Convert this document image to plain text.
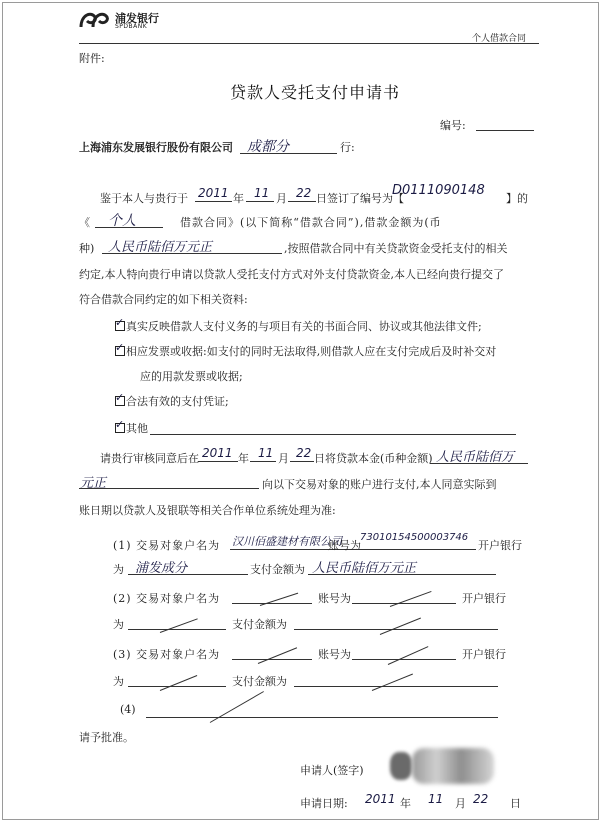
浦发银行
SPDBANK
个人借款合同
附件:
贷款人受托支付申请书
编号:
上海浦东发展银行股份有限公司 成都分	行:
鉴于本人与贵行于 2011 年 11 月 22 日签订了编号为【
D0111090148
】的
《 个人	借款合同》(以下简称“借款合同”),借款金额为(币
种) 人民币陆佰万元正	,按照借款合同中有关贷款资金受托支付的相关
约定,本人特向贵行申请以贷款人受托支付方式对外支付贷款资金,本人已经向贵行提交了
符合借款合同约定的如下相关资料:
✓ 真实反映借款人支付义务的与项目有关的书面合同、协议或其他法律文件;
✓ 相应发票或收据:如支付的同时无法取得,则借款人应在支付完成后及时补交对
应的用款发票或收据;
✓ 合法有效的支付凭证;
✓ 其他
请贵行审核同意后在 2011 年 11 月 22 日将贷款本金(币种金额) 人民币陆佰万
元正	向以下交易对象的账户进行支付,本人同意实际到
账日期以贷款人及银联等相关合作单位系统处理为准:
(1) 交易对象户名为 汉川佰盛建材有限公司
账号为
73010154500003746
开户银行
为 浦发成分	支付金额为 人民币陆佰万元正
(2) 交易对象户名为	账号为	开户银行
为	支付金额为
(3) 交易对象户名为	账号为	开户银行
为	支付金额为
(4)
请予批准。
申请人(签字)
申请日期: 2011 年 11 月 22 日
